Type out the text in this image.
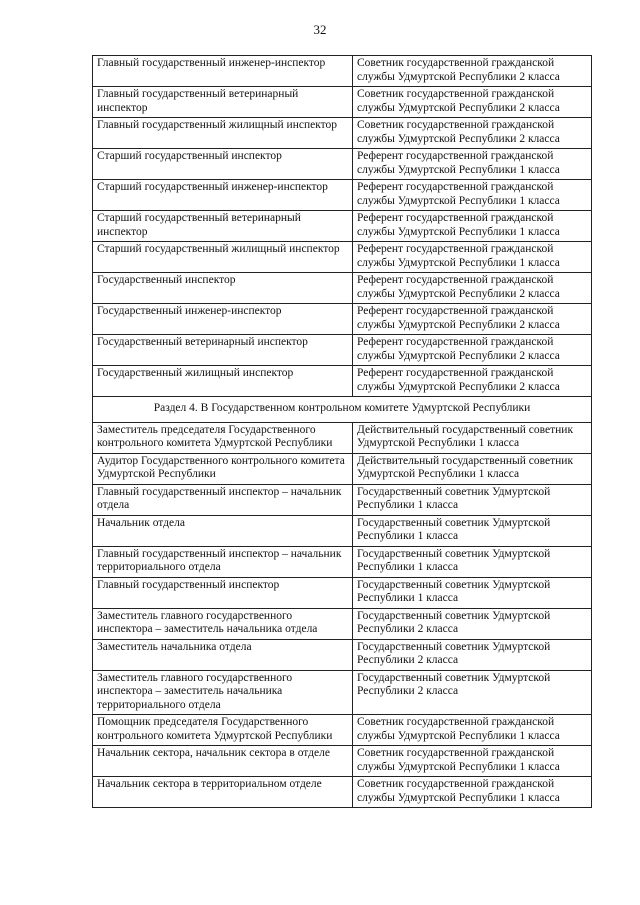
32
Главный государственный инженер-инспектор	Советник государственной гражданской службы Удмуртской Республики 2 класса
Главный государственный ветеринарный инспектор	Советник государственной гражданской службы Удмуртской Республики 2 класса
Главный государственный жилищный инспектор	Советник государственной гражданской службы Удмуртской Республики 2 класса
Старший государственный инспектор	Референт государственной гражданской службы Удмуртской Республики 1 класса
Старший государственный инженер-инспектор	Референт государственной гражданской службы Удмуртской Республики 1 класса
Старший государственный ветеринарный инспектор	Референт государственной гражданской службы Удмуртской Республики 1 класса
Старший государственный жилищный инспектор	Референт государственной гражданской службы Удмуртской Республики 1 класса
Государственный инспектор	Референт государственной гражданской службы Удмуртской Республики 2 класса
Государственный инженер-инспектор	Референт государственной гражданской службы Удмуртской Республики 2 класса
Государственный ветеринарный инспектор	Референт государственной гражданской службы Удмуртской Республики 2 класса
Государственный жилищный инспектор	Референт государственной гражданской службы Удмуртской Республики 2 класса
Раздел 4. В Государственном контрольном комитете Удмуртской Республики	
Заместитель председателя Государственного контрольного комитета Удмуртской Республики	Действительный государственный советник Удмуртской Республики 1 класса
Аудитор Государственного контрольного комитета Удмуртской Республики	Действительный государственный советник Удмуртской Республики 1 класса
Главный государственный инспектор – начальник отдела	Государственный советник Удмуртской Республики 1 класса
Начальник отдела	Государственный советник Удмуртской Республики 1 класса
Главный государственный инспектор – начальник территориального отдела	Государственный советник Удмуртской Республики 1 класса
Главный государственный инспектор	Государственный советник Удмуртской Республики 1 класса
Заместитель главного государственного инспектора – заместитель начальника отдела	Государственный советник Удмуртской Республики 2 класса
Заместитель начальника отдела	Государственный советник Удмуртской Республики 2 класса
Заместитель главного государственного инспектора – заместитель начальника территориального отдела	Государственный советник Удмуртской Республики 2 класса
Помощник председателя Государственного контрольного комитета Удмуртской Республики	Советник государственной гражданской службы Удмуртской Республики 1 класса
Начальник сектора, начальник сектора в отделе	Советник государственной гражданской службы Удмуртской Республики 1 класса
Начальник сектора в территориальном отделе	Советник государственной гражданской службы Удмуртской Республики 1 класса
